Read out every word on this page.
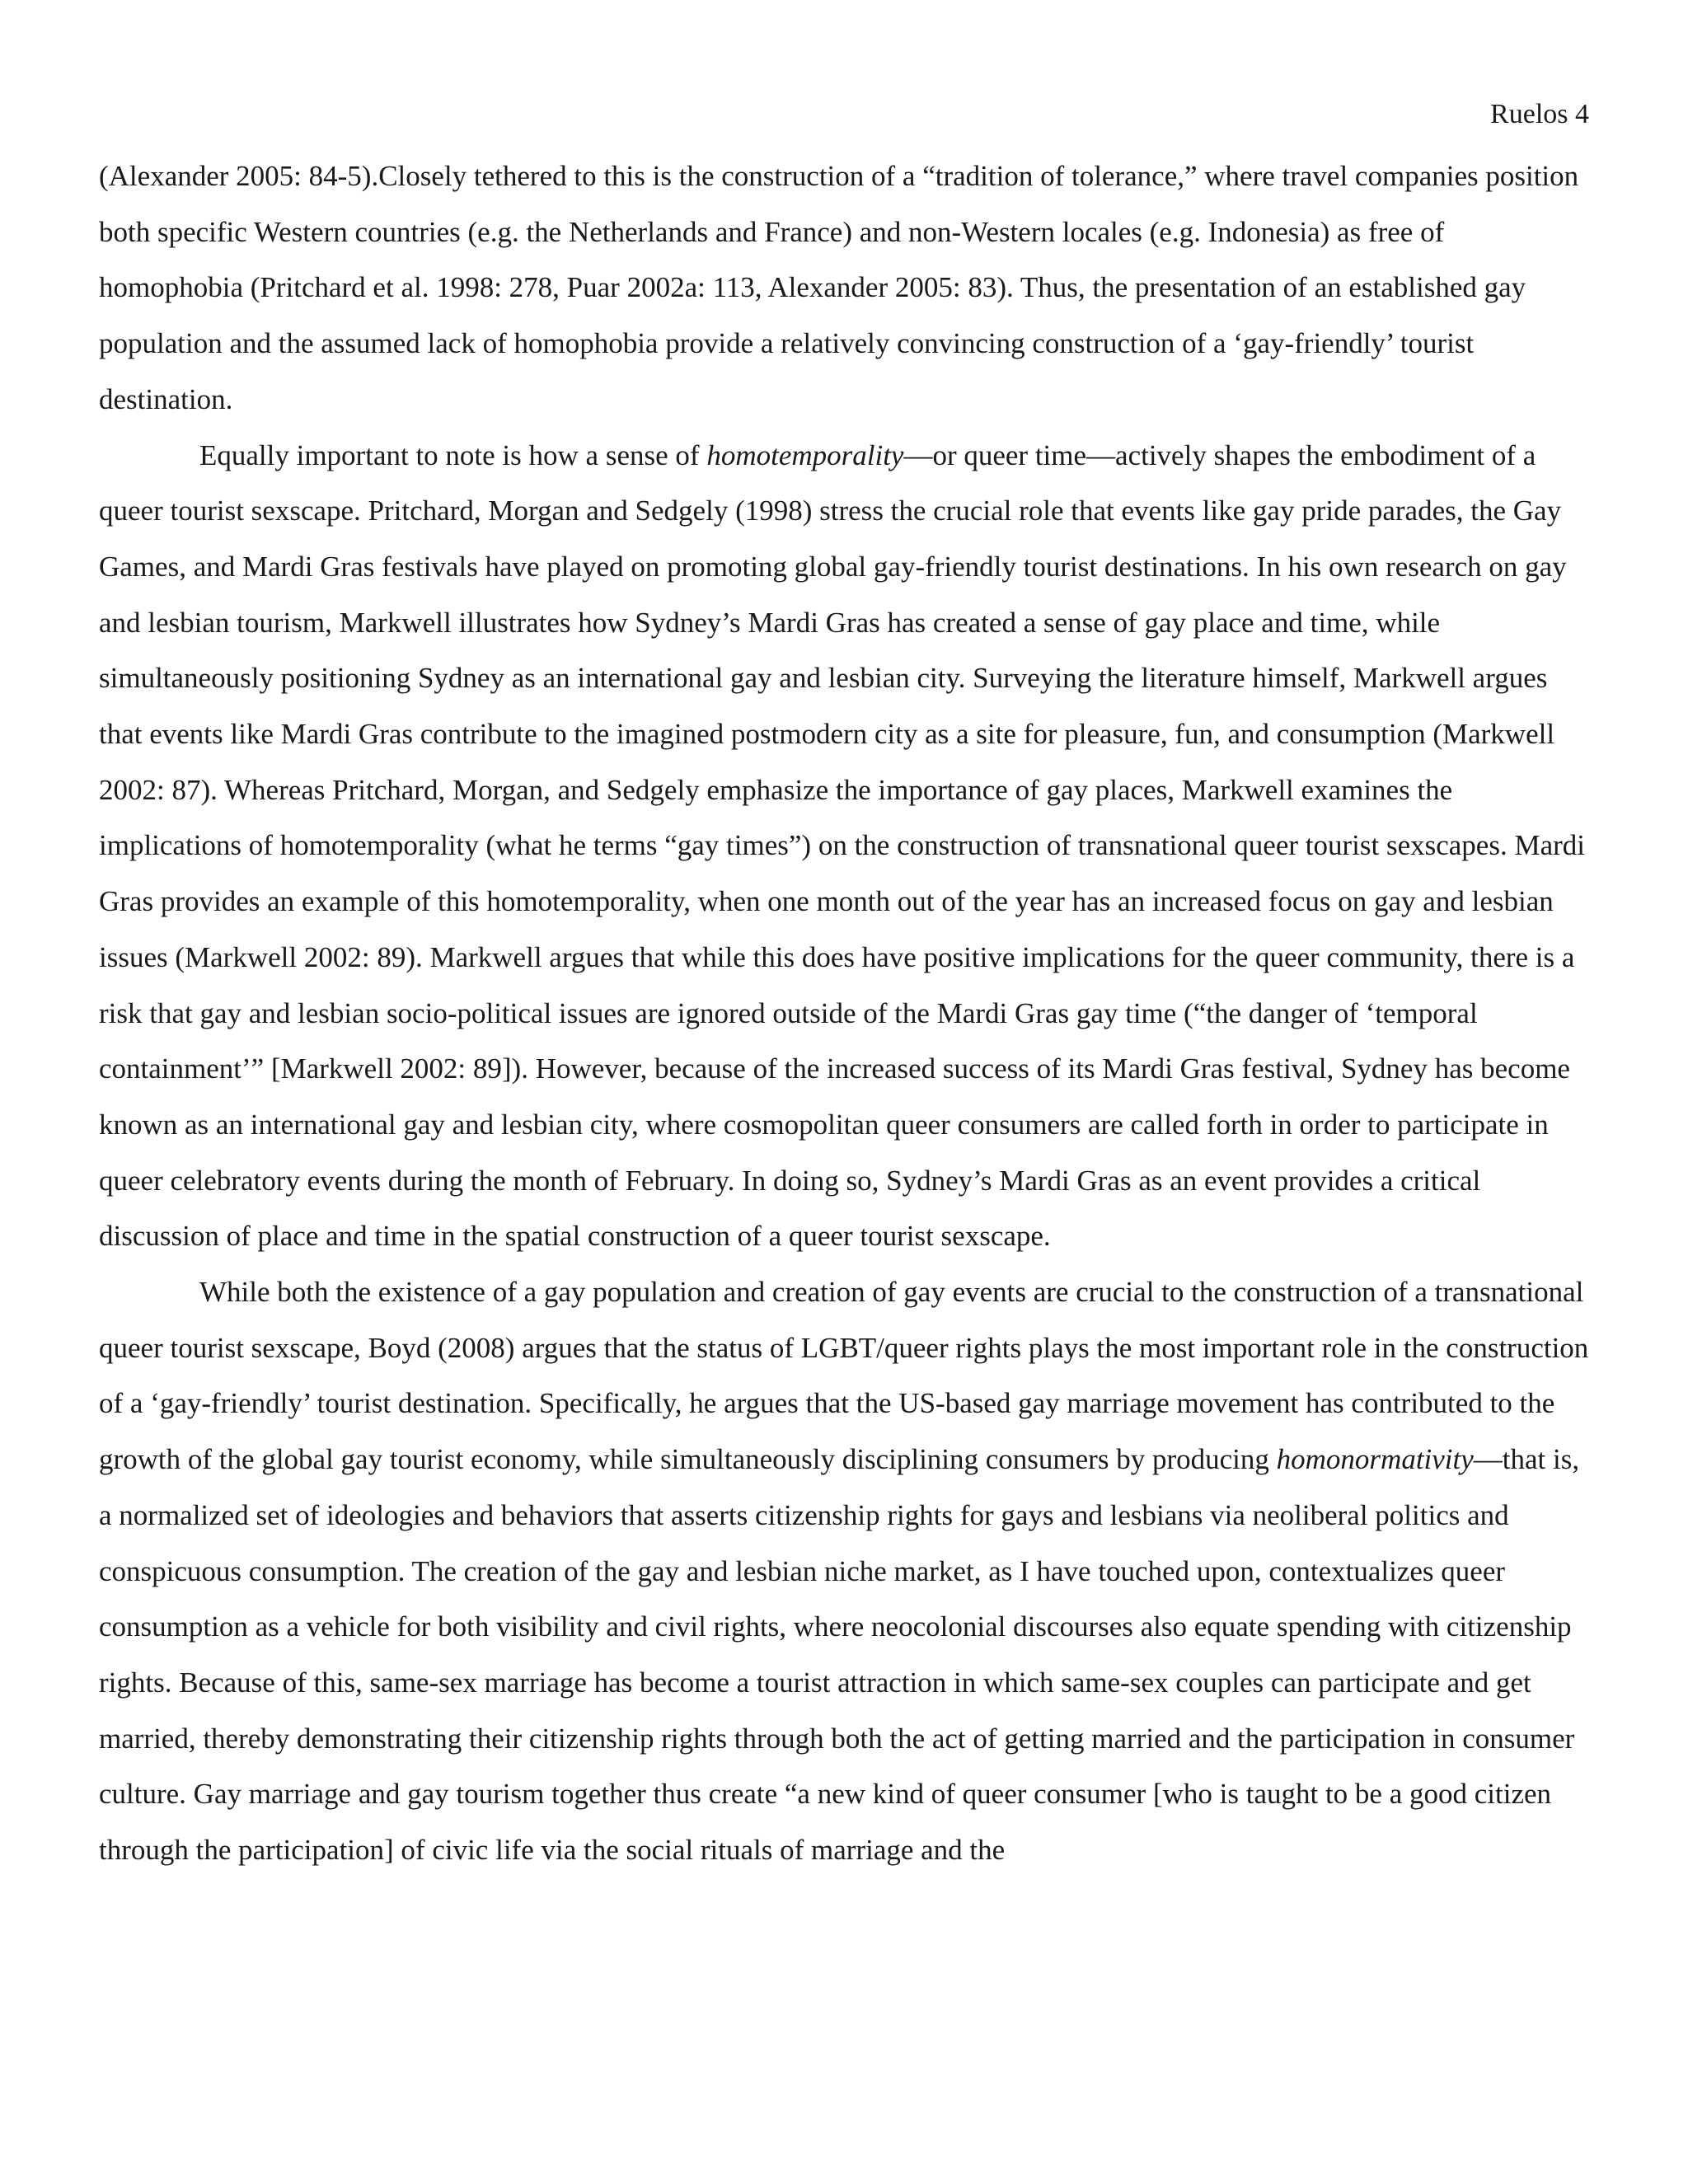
Ruelos 4

(Alexander 2005: 84-5).Closely tethered to this is the construction of a “tradition of tolerance,” where travel companies position both specific Western countries (e.g. the Netherlands and France) and non-Western locales (e.g. Indonesia) as free of homophobia (Pritchard et al. 1998: 278, Puar 2002a: 113, Alexander 2005: 83). Thus, the presentation of an established gay population and the assumed lack of homophobia provide a relatively convincing construction of a ‘gay-friendly’ tourist destination.

Equally important to note is how a sense of homotemporality—or queer time—actively shapes the embodiment of a queer tourist sexscape. Pritchard, Morgan and Sedgely (1998) stress the crucial role that events like gay pride parades, the Gay Games, and Mardi Gras festivals have played on promoting global gay-friendly tourist destinations. In his own research on gay and lesbian tourism, Markwell illustrates how Sydney’s Mardi Gras has created a sense of gay place and time, while simultaneously positioning Sydney as an international gay and lesbian city. Surveying the literature himself, Markwell argues that events like Mardi Gras contribute to the imagined postmodern city as a site for pleasure, fun, and consumption (Markwell 2002: 87). Whereas Pritchard, Morgan, and Sedgely emphasize the importance of gay places, Markwell examines the implications of homotemporality (what he terms “gay times”) on the construction of transnational queer tourist sexscapes. Mardi Gras provides an example of this homotemporality, when one month out of the year has an increased focus on gay and lesbian issues (Markwell 2002: 89). Markwell argues that while this does have positive implications for the queer community, there is a risk that gay and lesbian socio-political issues are ignored outside of the Mardi Gras gay time (“the danger of ‘temporal containment’” [Markwell 2002: 89]). However, because of the increased success of its Mardi Gras festival, Sydney has become known as an international gay and lesbian city, where cosmopolitan queer consumers are called forth in order to participate in queer celebratory events during the month of February. In doing so, Sydney’s Mardi Gras as an event provides a critical discussion of place and time in the spatial construction of a queer tourist sexscape.

While both the existence of a gay population and creation of gay events are crucial to the construction of a transnational queer tourist sexscape, Boyd (2008) argues that the status of LGBT/queer rights plays the most important role in the construction of a ‘gay-friendly’ tourist destination. Specifically, he argues that the US-based gay marriage movement has contributed to the growth of the global gay tourist economy, while simultaneously disciplining consumers by producing homonormativity—that is, a normalized set of ideologies and behaviors that asserts citizenship rights for gays and lesbians via neoliberal politics and conspicuous consumption. The creation of the gay and lesbian niche market, as I have touched upon, contextualizes queer consumption as a vehicle for both visibility and civil rights, where neocolonial discourses also equate spending with citizenship rights. Because of this, same-sex marriage has become a tourist attraction in which same-sex couples can participate and get married, thereby demonstrating their citizenship rights through both the act of getting married and the participation in consumer culture. Gay marriage and gay tourism together thus create “a new kind of queer consumer [who is taught to be a good citizen through the participation] of civic life via the social rituals of marriage and the
